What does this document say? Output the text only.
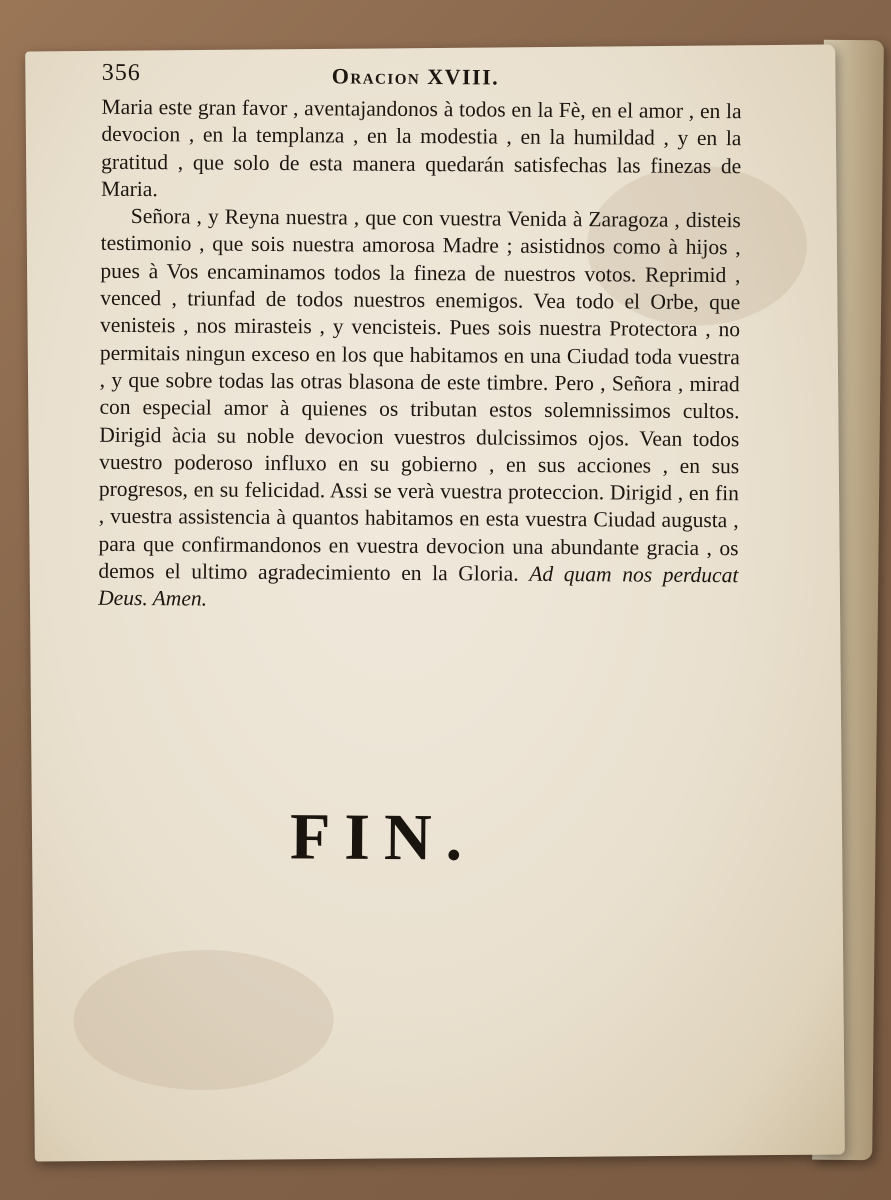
356	Oracion XVIII.

Maria este gran favor , aventajandonos à todos en la Fè, en el amor , en la devocion , en la templanza , en la modestia , en la humildad , y en la gratitud , que solo de esta manera quedarán satisfechas las finezas de Maria.

Señora , y Reyna nuestra , que con vuestra Venida à Zaragoza , disteis testimonio , que sois nuestra amorosa Madre ; asistidnos como à hijos , pues à Vos encaminamos todos la fineza de nuestros votos. Reprimid , venced , triunfad de todos nuestros enemigos. Vea todo el Orbe, que venisteis , nos mirasteis , y vencisteis. Pues sois nuestra Protectora , no permitais ningun exceso en los que habitamos en una Ciudad toda vuestra , y que sobre todas las otras blasona de este timbre. Pero , Señora , mirad con especial amor à quienes os tributan estos solemnissimos cultos. Dirigid àcia su noble devocion vuestros dulcissimos ojos. Vean todos vuestro poderoso influxo en su gobierno , en sus acciones , en sus progresos, en su felicidad. Assi se verà vuestra proteccion. Dirigid , en fin , vuestra assistencia à quantos habitamos en esta vuestra Ciudad augusta , para que confirmandonos en vuestra devocion una abundante gracia , os demos el ultimo agradecimiento en la Gloria. Ad quam nos perducat Deus. Amen.

FIN.
